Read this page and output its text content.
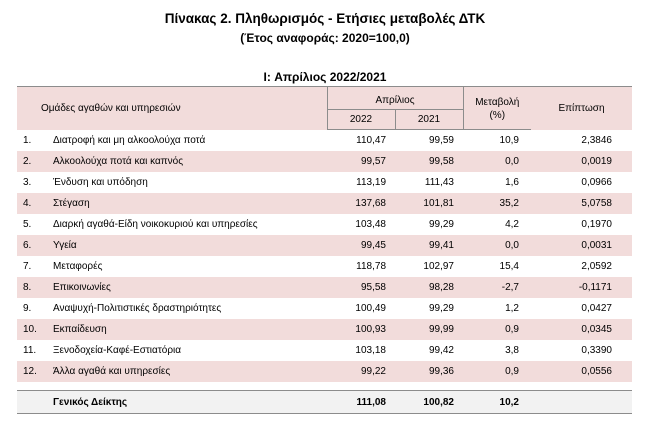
Πίνακας 2. Πληθωρισμός - Ετήσιες μεταβολές ΔΤΚ
(Έτος αναφοράς: 2020=100,0)
I: Απρίλιος 2022/2021
Ομάδες αγαθών και υπηρεσιών		Απρίλιος		Μεταβολή	Επίπτωση
		2022	2021	(%)	
1.	Διατροφή και μη αλκοολούχα ποτά	110,47	99,59	10,9	2,3846
2.	Αλκοολούχα ποτά και καπνός	99,57	99,58	0,0	0,0019
3.	Ένδυση και υπόδηση	113,19	111,43	1,6	0,0966
4.	Στέγαση	137,68	101,81	35,2	5,0758
5.	Διαρκή αγαθά-Είδη νοικοκυριού και υπηρεσίες	103,48	99,29	4,2	0,1970
6.	Υγεία	99,45	99,41	0,0	0,0031
7.	Μεταφορές	118,78	102,97	15,4	2,0592
8.	Επικοινωνίες	95,58	98,28	-2,7	-0,1171
9.	Αναψυχή-Πολιτιστικές δραστηριότητες	100,49	99,29	1,2	0,0427
10.	Εκπαίδευση	100,93	99,99	0,9	0,0345
11.	Ξενοδοχεία-Καφέ-Εστιατόρια	103,18	99,42	3,8	0,3390
12.	Άλλα αγαθά και υπηρεσίες	99,22	99,36	0,9	0,0556

	Γενικός Δείκτης	111,08	100,82	10,2	
